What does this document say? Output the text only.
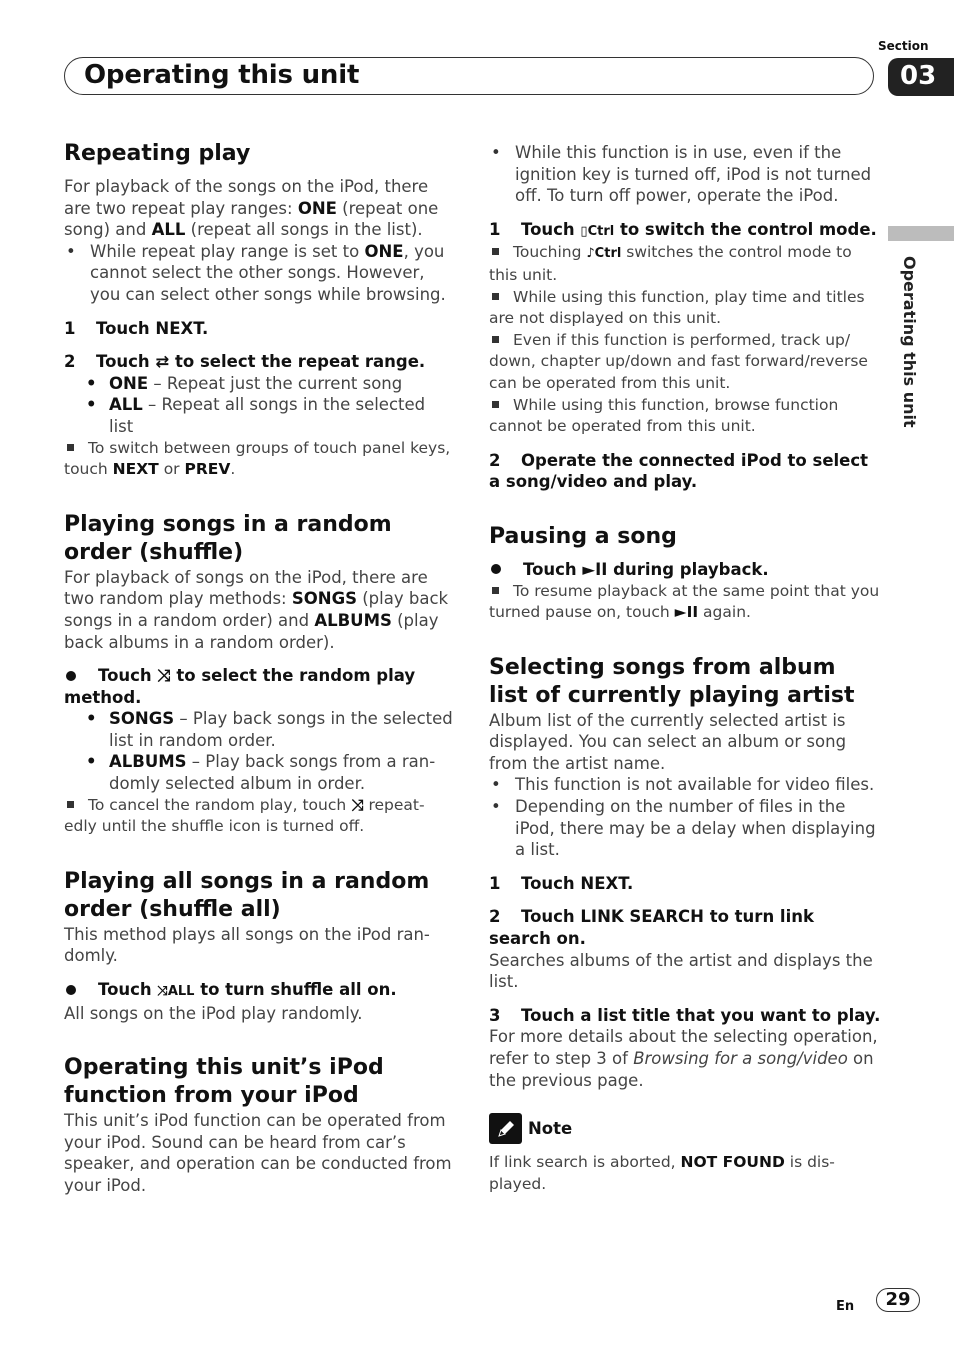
Section
Operating this unit	03
Operating this unit
Repeating play

For playback of the songs on the iPod, there are two repeat play ranges: ONE (repeat one song) and ALL (repeat all songs in the list).

• While repeat play range is set to ONE, you cannot select the other songs. However, you can select other songs while browsing.

1 Touch NEXT.

2 Touch ⇄ to select the repeat range.

• ONE – Repeat just the current song

• ALL – Repeat all songs in the selected list

To switch between groups of touch panel keys, touch NEXT or PREV.

Playing songs in a random order (shuffle)

For playback of songs on the iPod, there are two random play methods: SONGS (play back songs in a random order) and ALBUMS (play back albums in a random order).

Touch ⤨ to select the random play method.

• SONGS – Play back songs in the selected list in random order.

• ALBUMS – Play back songs from a ran-domly selected album in order.

To cancel the random play, touch ⤨ repeat-edly until the shuffle icon is turned off.

Playing all songs in a random order (shuffle all)

This method plays all songs on the iPod ran-domly.

Touch ⤨ALL to turn shuffle all on.

All songs on the iPod play randomly.

Operating this unit’s iPod function from your iPod

This unit’s iPod function can be operated from your iPod. Sound can be heard from car’s speaker, and operation can be conducted from your iPod.

• While this function is in use, even if the ignition key is turned off, iPod is not turned off. To turn off power, operate the iPod.

1 Touch ▯Ctrl to switch the control mode.

Touching ♪Ctrl switches the control mode to this unit.

While using this function, play time and titles are not displayed on this unit.

Even if this function is performed, track up/ down, chapter up/down and fast forward/reverse can be operated from this unit.

While using this function, browse function cannot be operated from this unit.

2 Operate the connected iPod to select a song/video and play.

Pausing a song

Touch ►II during playback.

To resume playback at the same point that you turned pause on, touch ►II again.

Selecting songs from album list of currently playing artist

Album list of the currently selected artist is displayed. You can select an album or song from the artist name.

• This function is not available for video files.

• Depending on the number of files in the iPod, there may be a delay when displaying a list.

1 Touch NEXT.

2 Touch LINK SEARCH to turn link search on.

Searches albums of the artist and displays the list.

3 Touch a list title that you want to play.

For more details about the selecting operation, refer to step 3 of Browsing for a song/video on the previous page.

Note

If link search is aborted, NOT FOUND is dis-played.

En	29
